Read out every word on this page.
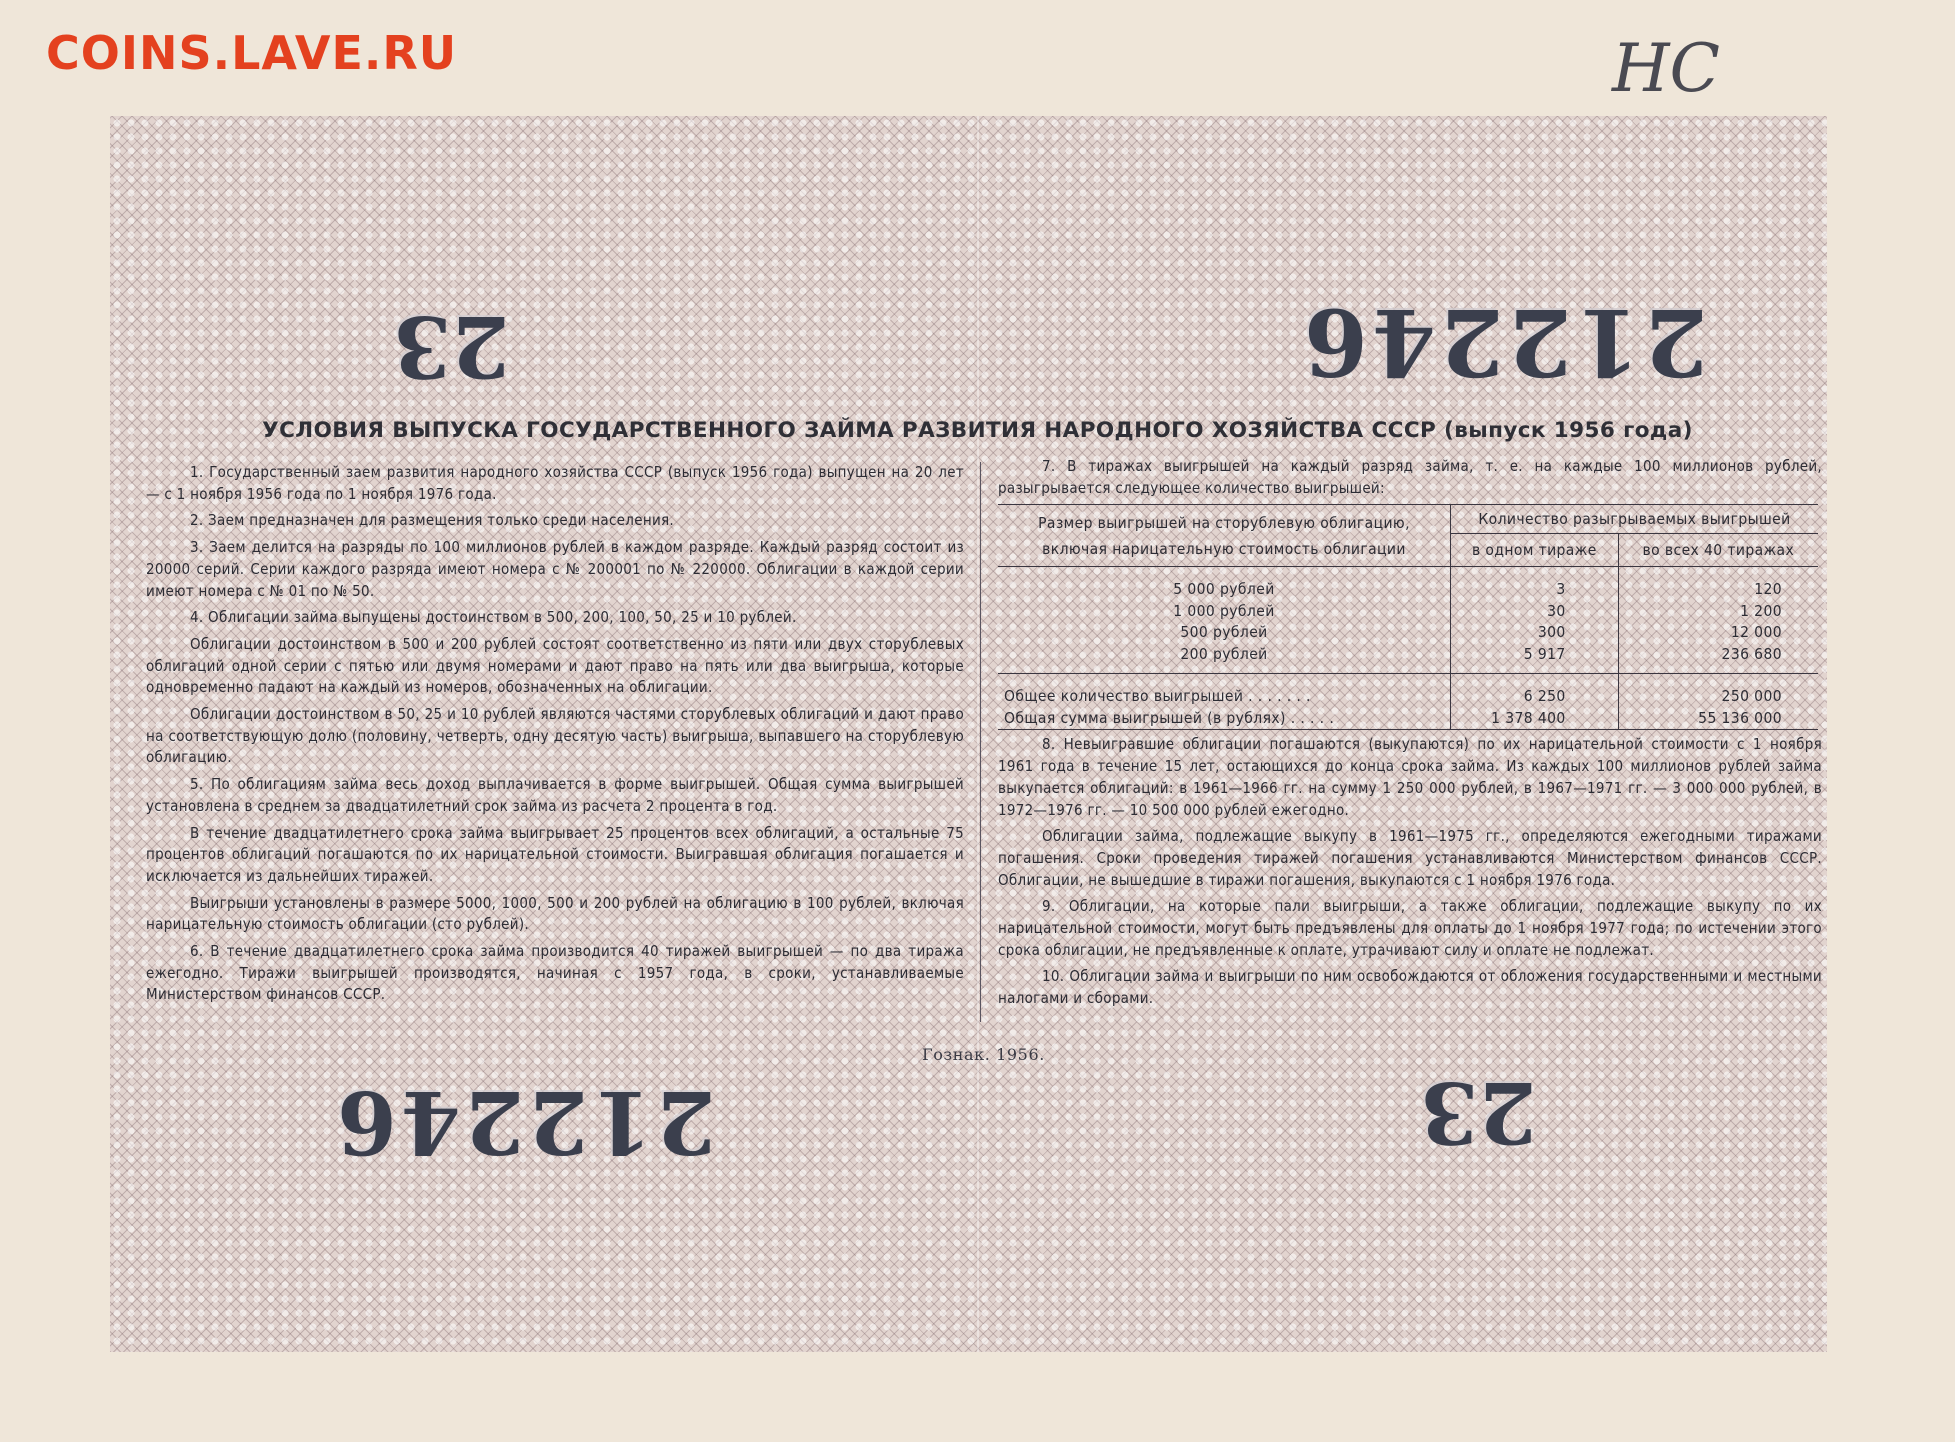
COINS.LAVE.RU	НС
23	212246
212246	23
УСЛОВИЯ ВЫПУСКА ГОСУДАРСТВЕННОГО ЗАЙМА РАЗВИТИЯ НАРОДНОГО ХОЗЯЙСТВА СССР (выпуск 1956 года)

1. Государственный заем развития народного хозяйства СССР (выпуск 1956 года) выпущен на 20 лет — с 1 ноября 1956 года по 1 ноября 1976 года.

2. Заем предназначен для размещения только среди населения.

3. Заем делится на разряды по 100 миллионов рублей в каждом разряде. Каждый разряд состоит из 20000 серий. Серии каждого разряда имеют номера с № 200001 по № 220000. Облигации в каждой серии имеют номера с № 01 по № 50.

4. Облигации займа выпущены достоинством в 500, 200, 100, 50, 25 и 10 рублей.

Облигации достоинством в 500 и 200 рублей состоят соответственно из пяти или двух сторублевых облигаций одной серии с пятью или двумя номерами и дают право на пять или два выигрыша, которые одновременно падают на каждый из номеров, обозначенных на облигации.

Облигации достоинством в 50, 25 и 10 рублей являются частями сторублевых облигаций и дают право на соответствующую долю (половину, четверть, одну десятую часть) выигрыша, выпавшего на сторублевую облигацию.

5. По облигациям займа весь доход выплачивается в форме выигрышей. Общая сумма выигрышей установлена в среднем за двадцатилетний срок займа из расчета 2 процента в год.

В течение двадцатилетнего срока займа выигрывает 25 процентов всех облигаций, а остальные 75 процентов облигаций погашаются по их нарицательной стоимости. Выигравшая облигация погашается и исключается из дальнейших тиражей.

Выигрыши установлены в размере 5000, 1000, 500 и 200 рублей на облигацию в 100 рублей, включая нарицательную стоимость облигации (сто рублей).

6. В течение двадцатилетнего срока займа производится 40 тиражей выигрышей — по два тиража ежегодно. Тиражи выигрышей производятся, начиная с 1957 года, в сроки, устанавливаемые Министерством финансов СССР.

7. В тиражах выигрышей на каждый разряд займа, т. е. на каждые 100 миллионов рублей, разыгрывается следующее количество выигрышей:

Размер выигрышей на сторублевую облигацию, включая нарицательную стоимость облигации	Количество разыгрываемых выигрышей	
	в одном тираже	во всех 40 тиражах
5 000 рублей	3	120
1 000 рублей	30	1 200
500 рублей	300	12 000
200 рублей	5 917	236 680

Общее количество выигрышей . . . . . . .	6 250	250 000
Общая сумма выигрышей (в рублях) . . . . .	1 378 400	55 136 000

8. Невыигравшие облигации погашаются (выкупаются) по их нарицательной стоимости с 1 ноября 1961 года в течение 15 лет, остающихся до конца срока займа. Из каждых 100 миллионов рублей займа выкупается облигаций: в 1961—1966 гг. на сумму 1 250 000 рублей, в 1967—1971 гг. — 3 000 000 рублей, в 1972—1976 гг. — 10 500 000 рублей ежегодно.

Облигации займа, подлежащие выкупу в 1961—1975 гг., определяются ежегодными тиражами погашения. Сроки проведения тиражей погашения устанавливаются Министерством финансов СССР. Облигации, не вышедшие в тиражи погашения, выкупаются с 1 ноября 1976 года.

9. Облигации, на которые пали выигрыши, а также облигации, подлежащие выкупу по их нарицательной стоимости, могут быть предъявлены для оплаты до 1 ноября 1977 года; по истечении этого срока облигации, не предъявленные к оплате, утрачивают силу и оплате не подлежат.

10. Облигации займа и выигрыши по ним освобождаются от обложения государственными и местными налогами и сборами.

Гознак. 1956.
